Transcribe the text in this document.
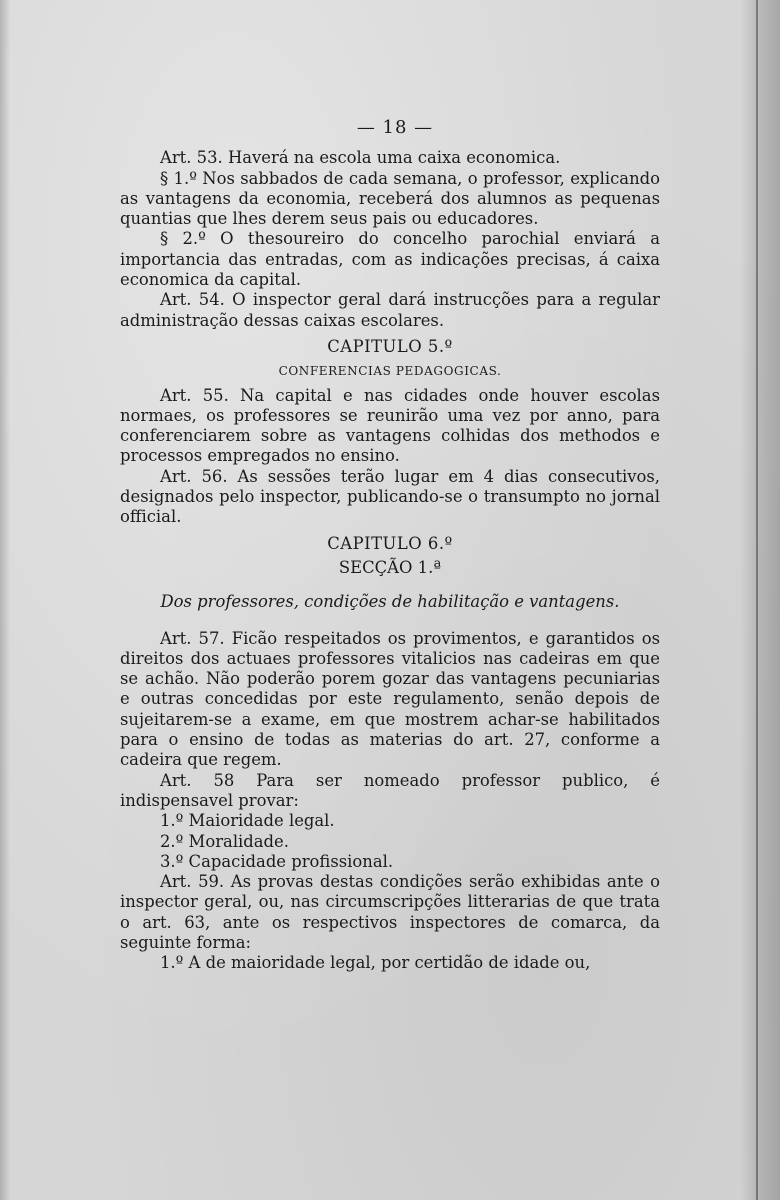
— 18 —

Art. 53. Haverá na escola uma caixa economica.

§ 1.º Nos sabbados de cada semana, o professor, explicando as vantagens da economia, receberá dos alumnos as pequenas quantias que lhes derem seus pais ou educadores.

§ 2.º O thesoureiro do concelho parochial enviará a importancia das entradas, com as indicações precisas, á caixa economica da capital.

Art. 54. O inspector geral dará instrucções para a regular administração dessas caixas escolares.

CAPITULO 5.º
CONFERENCIAS PEDAGOGICAS.

Art. 55. Na capital e nas cidades onde houver escolas normaes, os professores se reunirão uma vez por anno, para conferenciarem sobre as vantagens colhidas dos methodos e processos empregados no ensino.

Art. 56. As sessões terão lugar em 4 dias consecutivos, designados pelo inspector, publicando-se o transumpto no jornal official.

CAPITULO 6.º
SECÇÃO 1.ª
Dos professores, condições de habilitação e vantagens.

Art. 57. Ficão respeitados os provimentos, e garantidos os direitos dos actuaes professores vitalicios nas cadeiras em que se achão. Não poderão porem gozar das vantagens pecuniarias e outras concedidas por este regulamento, senão depois de sujeitarem-se a exame, em que mostrem achar-se habilitados para o ensino de todas as materias do art. 27, conforme a cadeira que regem.

Art. 58 Para ser nomeado professor publico, é indispensavel provar:

1.º Maioridade legal.

2.º Moralidade.

3.º Capacidade profissional.

Art. 59. As provas destas condições serão exhibidas ante o inspector geral, ou, nas circumscripções litterarias de que trata o art. 63, ante os respectivos inspectores de comarca, da seguinte forma:

1.º A de maioridade legal, por certidão de idade ou,
